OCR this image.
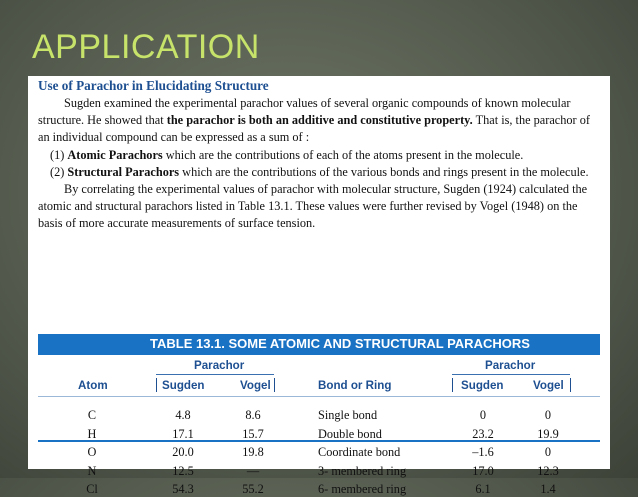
APPLICATION
Use of Parachor in Elucidating Structure

Sugden examined the experimental parachor values of several organic compounds of known molecular structure. He showed that the parachor is both an additive and constitutive property. That is, the parachor of an individual compound can be expressed as a sum of :

(1) Atomic Parachors which are the contributions of each of the atoms present in the molecule.

(2) Structural Parachors which are the contributions of the various bonds and rings present in the molecule.

By correlating the experimental values of parachor with molecular structure, Sugden (1924) calculated the atomic and structural parachors listed in Table 13.1. These values were further revised by Vogel (1948) on the basis of more accurate measurements of surface tension.

TABLE 13.1. SOME ATOMIC AND STRUCTURAL PARACHORS
Parachor	Parachor
Atom	Sugden	Vogel	Bond or Ring	Sugden	Vogel
C	4.8	8.6	Single bond	0	0
H	17.1	15.7	Double bond	23.2	19.9
O	20.0	19.8	Coordinate bond	–1.6	0
N	12.5	—	3- membered ring	17.0	12.3
Cl	54.3	55.2	6- membered ring	6.1	1.4
